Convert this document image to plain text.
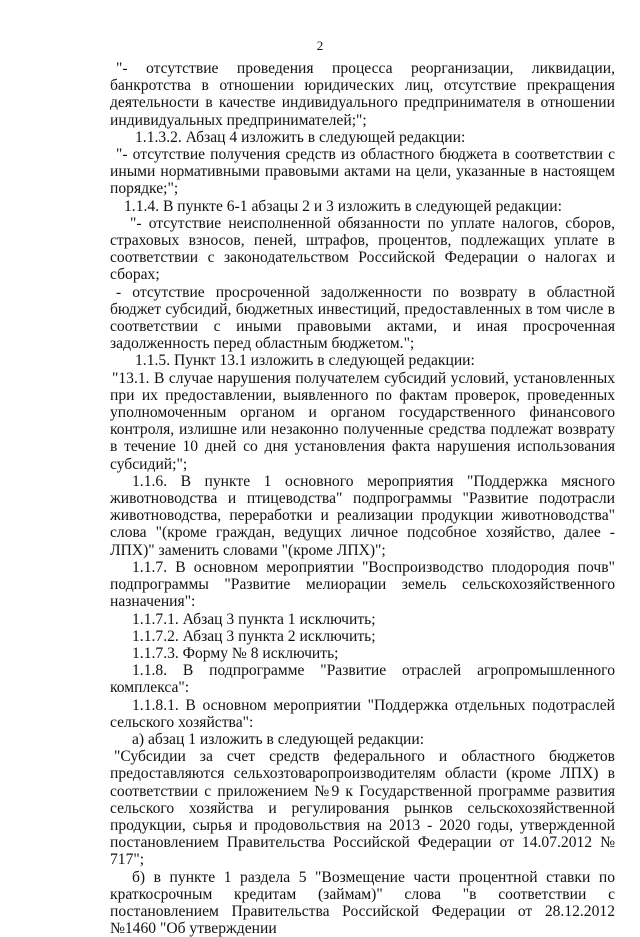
2

"- отсутствие проведения процесса реорганизации, ликвидации, банкротства в отношении юридических лиц, отсутствие прекращения деятельности в качестве индивидуального предпринимателя в отношении индивидуальных предпринимателей;";

1.1.3.2. Абзац 4 изложить в следующей редакции:

"- отсутствие получения средств из областного бюджета в соответствии с иными нормативными правовыми актами на цели, указанные в настоящем порядке;";

1.1.4. В пункте 6-1 абзацы 2 и 3 изложить в следующей редакции:

"- отсутствие неисполненной обязанности по уплате налогов, сборов, страховых взносов, пеней, штрафов, процентов, подлежащих уплате в соответствии с законодательством Российской Федерации о налогах и сборах;

- отсутствие просроченной задолженности по возврату в областной бюджет субсидий, бюджетных инвестиций, предоставленных в том числе в соответствии с иными правовыми актами, и иная просроченная задолженность перед областным бюджетом.";

1.1.5. Пункт 13.1 изложить в следующей редакции:

"13.1. В случае нарушения получателем субсидий условий, установленных при их предоставлении, выявленного по фактам проверок, проведенных уполномоченным органом и органом государственного финансового контроля, излишне или незаконно полученные средства подлежат возврату в течение 10 дней со дня установления факта нарушения использования субсидий;";

1.1.6. В пункте 1 основного мероприятия "Поддержка мясного животноводства и птицеводства" подпрограммы "Развитие подотрасли животноводства, переработки и реализации продукции животноводства" слова "(кроме граждан, ведущих личное подсобное хозяйство, далее - ЛПХ)" заменить словами "(кроме ЛПХ)";

1.1.7. В основном мероприятии "Воспроизводство плодородия почв" подпрограммы "Развитие мелиорации земель сельскохозяйственного назначения":

1.1.7.1. Абзац 3 пункта 1 исключить;

1.1.7.2. Абзац 3 пункта 2 исключить;

1.1.7.3. Форму № 8 исключить;

1.1.8. В подпрограмме "Развитие отраслей агропромышленного комплекса":

1.1.8.1. В основном мероприятии "Поддержка отдельных подотраслей сельского хозяйства":

а) абзац 1 изложить в следующей редакции:

"Субсидии за счет средств федерального и областного бюджетов предоставляются сельхозтоваропроизводителям области (кроме ЛПХ) в соответствии с приложением №9 к Государственной программе развития сельского хозяйства и регулирования рынков сельскохозяйственной продукции, сырья и продовольствия на 2013 - 2020 годы, утвержденной постановлением Правительства Российской Федерации от 14.07.2012 № 717";

б) в пункте 1 раздела 5 "Возмещение части процентной ставки по краткосрочным кредитам (займам)" слова "в соответствии с постановлением Правительства Российской Федерации от 28.12.2012 №1460 "Об утверждении
